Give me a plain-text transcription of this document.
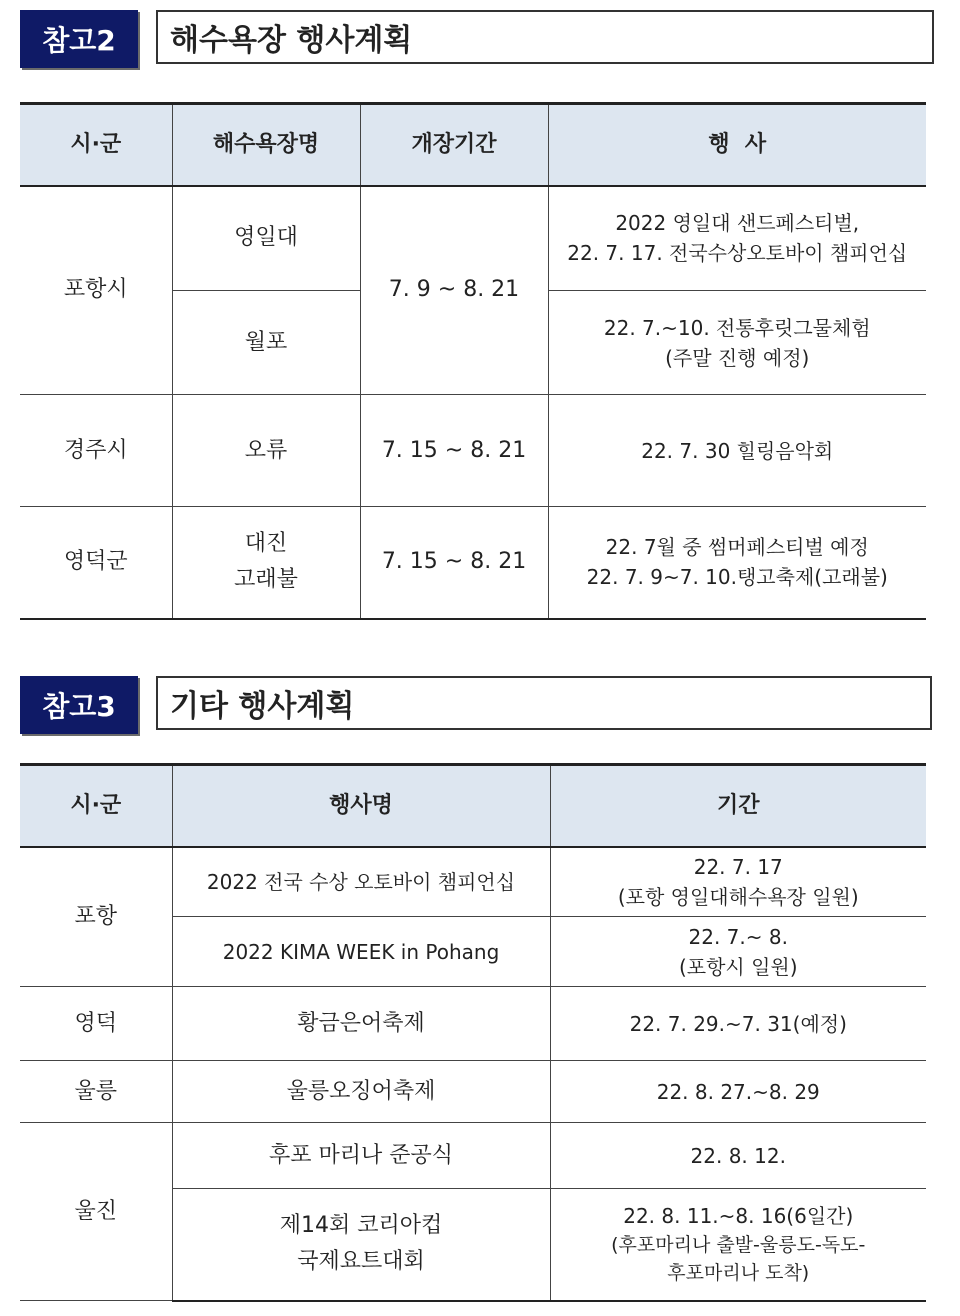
참고2	해수욕장 행사계획
시·군	해수욕장명	개장기간	행  사
포항시	영일대	7. 9 ~ 8. 21	2022 영일대 샌드페스티벌,
22. 7. 17. 전국수상오토바이 챔피언십

	월포		22. 7.~10. 전통후릿그물체험
(주말 진행 예정)

경주시	오류	7. 15 ~ 8. 21	22. 7. 30 힐링음악회
영덕군	대진
고래불	7. 15 ~ 8. 21	22. 7월 중 썸머페스티벌 예정
22. 7. 9~7. 10.탱고축제(고래불)
참고3	기타 행사계획
시·군	행사명	기간
포항	2022 전국 수상 오토바이 챔피언십	22. 7. 17
(포항 영일대해수욕장 일원)

	2022 KIMA WEEK in Pohang	22. 7.~ 8.
(포항시 일원)

영덕	황금은어축제	22. 7. 29.~7. 31(예정)
울릉	울릉오징어축제	22. 8. 27.~8. 29
울진	후포 마리나 준공식	22. 8. 12.

	제14회 코리아컵
국제요트대회	22. 8. 11.~8. 16(6일간)
(후포마리나 출발-울릉도-독도-
후포마리나 도착)
